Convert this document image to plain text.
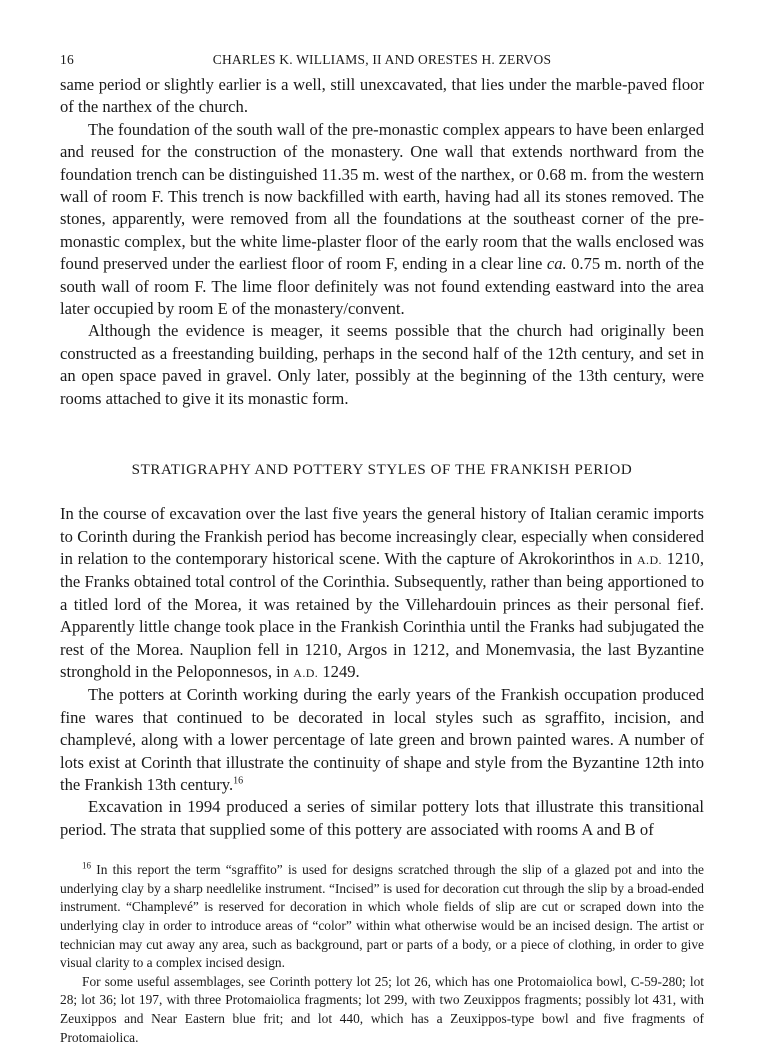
16	CHARLES K. WILLIAMS, II AND ORESTES H. ZERVOS

same period or slightly earlier is a well, still unexcavated, that lies under the marble-paved floor of the narthex of the church.

The foundation of the south wall of the pre-monastic complex appears to have been enlarged and reused for the construction of the monastery. One wall that extends northward from the foundation trench can be distinguished 11.35 m. west of the narthex, or 0.68 m. from the western wall of room F. This trench is now backfilled with earth, having had all its stones removed. The stones, apparently, were removed from all the foundations at the southeast corner of the pre-monastic complex, but the white lime-plaster floor of the early room that the walls enclosed was found preserved under the earliest floor of room F, ending in a clear line ca. 0.75 m. north of the south wall of room F. The lime floor definitely was not found extending eastward into the area later occupied by room E of the monastery/convent.

Although the evidence is meager, it seems possible that the church had originally been constructed as a freestanding building, perhaps in the second half of the 12th century, and set in an open space paved in gravel. Only later, possibly at the beginning of the 13th century, were rooms attached to give it its monastic form.

STRATIGRAPHY AND POTTERY STYLES OF THE FRANKISH PERIOD

In the course of excavation over the last five years the general history of Italian ceramic imports to Corinth during the Frankish period has become increasingly clear, especially when considered in relation to the contemporary historical scene. With the capture of Akrokorinthos in A.D. 1210, the Franks obtained total control of the Corinthia. Subsequently, rather than being apportioned to a titled lord of the Morea, it was retained by the Villehardouin princes as their personal fief. Apparently little change took place in the Frankish Corinthia until the Franks had subjugated the rest of the Morea. Nauplion fell in 1210, Argos in 1212, and Monemvasia, the last Byzantine stronghold in the Peloponnesos, in A.D. 1249.

The potters at Corinth working during the early years of the Frankish occupation produced fine wares that continued to be decorated in local styles such as sgraffito, incision, and champlevé, along with a lower percentage of late green and brown painted wares. A number of lots exist at Corinth that illustrate the continuity of shape and style from the Byzantine 12th into the Frankish 13th century.$^{16}$

Excavation in 1994 produced a series of similar pottery lots that illustrate this transitional period. The strata that supplied some of this pottery are associated with rooms A and B of

$^{16}$ In this report the term “sgraffito” is used for designs scratched through the slip of a glazed pot and into the underlying clay by a sharp needlelike instrument. “Incised” is used for decoration cut through the slip by a broad-ended instrument. “Champlevé” is reserved for decoration in which whole fields of slip are cut or scraped down into the underlying clay in order to introduce areas of “color” within what otherwise would be an incised design. The artist or technician may cut away any area, such as background, part or parts of a body, or a piece of clothing, in order to give visual clarity to a complex incised design.

For some useful assemblages, see Corinth pottery lot 25; lot 26, which has one Protomaiolica bowl, C-59-280; lot 28; lot 36; lot 197, with three Protomaiolica fragments; lot 299, with two Zeuxippos fragments; possibly lot 431, with Zeuxippos and Near Eastern blue frit; and lot 440, which has a Zeuxippos-type bowl and five fragments of Protomaiolica.
